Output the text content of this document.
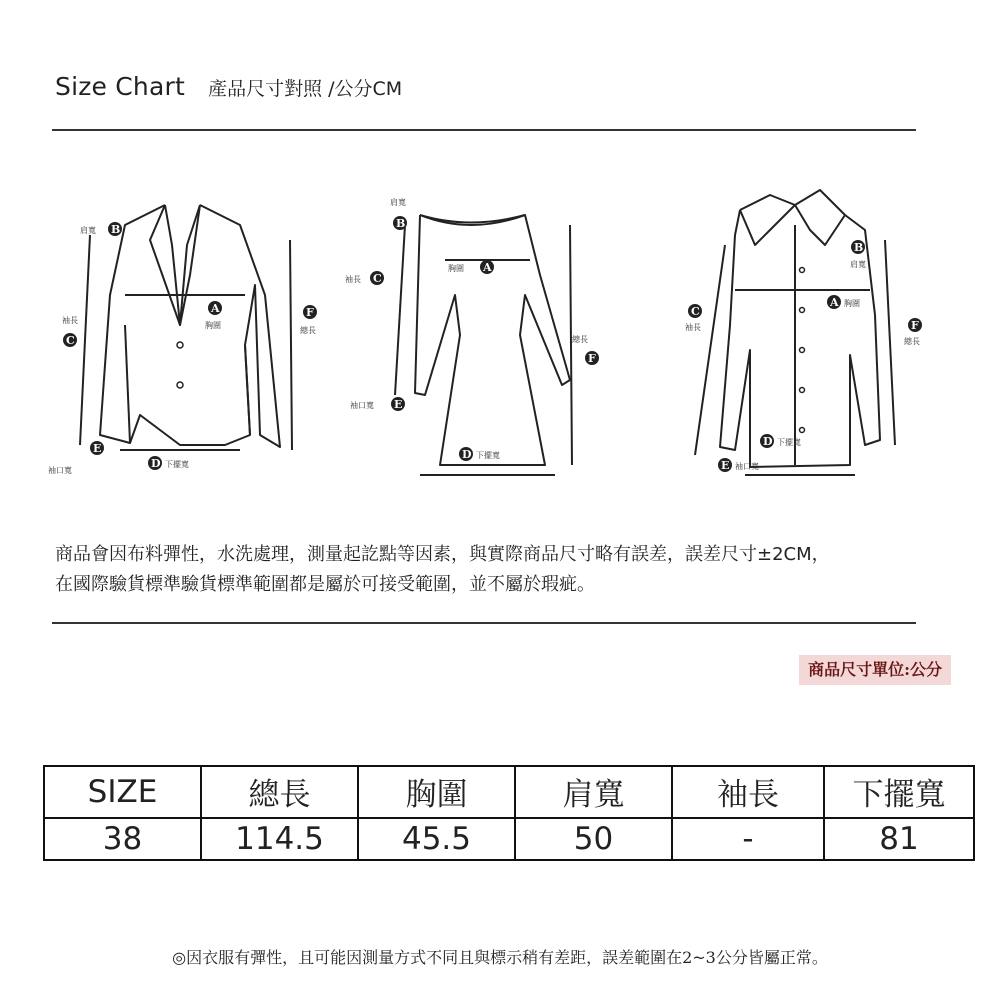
Size Chart 產品尺寸對照 /公分CM
B
肩寬
A
胸圍
C
袖長
F
總長
E
袖口寬
D 下擺寬
B
肩寬
A
胸圍
C
袖長
F
總長
E
袖口寬
D 下擺寬
B
肩寬
A 胸圍
C
袖長	F
總長
D 下擺寬
E 袖口寬
商品會因布料彈性，水洗處理，測量起訖點等因素，與實際商品尺寸略有誤差，誤差尺寸±2CM，
在國際驗貨標準驗貨標準範圍都是屬於可接受範圍，並不屬於瑕疵。
商品尺寸單位:公分
SIZE	總長	胸圍	肩寬	袖長	下擺寬
38	114.5	45.5	50	-	81
◎因衣服有彈性，且可能因測量方式不同且與標示稍有差距，誤差範圍在2~3公分皆屬正常。
